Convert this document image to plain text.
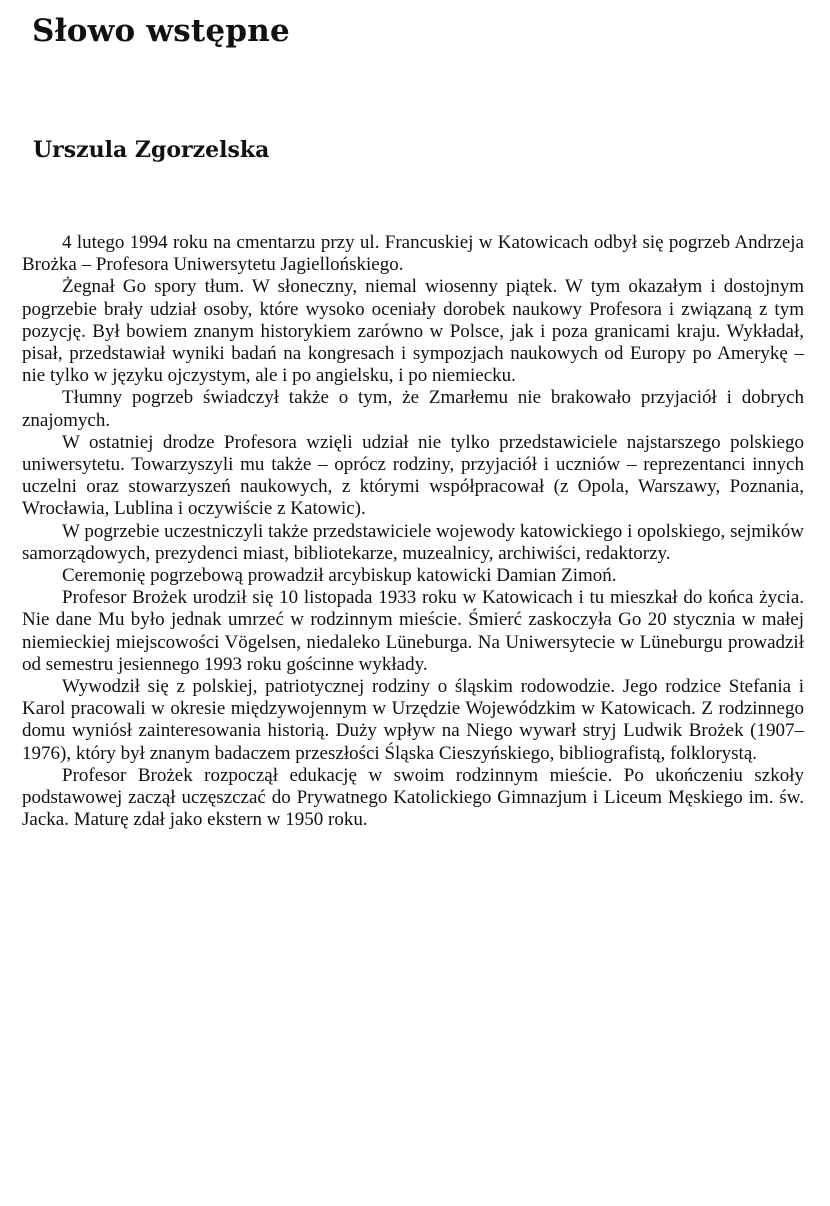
Słowo wstępne
Urszula Zgorzelska

4 lutego 1994 roku na cmentarzu przy ul. Francuskiej w Katowicach odbył się pogrzeb Andrzeja Brożka – Profesora Uniwersytetu Jagiellońskiego.

Żegnał Go spory tłum. W słoneczny, niemal wiosenny piątek. W tym okazałym i dostojnym pogrzebie brały udział osoby, które wysoko oceniały dorobek naukowy Profesora i związaną z tym pozycję. Był bowiem znanym historykiem zarówno w Polsce, jak i poza granicami kraju. Wykładał, pisał, przedstawiał wyniki badań na kongresach i sympozjach naukowych od Europy po Amerykę – nie tylko w języku ojczystym, ale i po angielsku, i po niemiecku.

Tłumny pogrzeb świadczył także o tym, że Zmarłemu nie brakowało przyjaciół i dobrych znajomych.

W ostatniej drodze Profesora wzięli udział nie tylko przedstawiciele najstarszego polskiego uniwersytetu. Towarzyszyli mu także – oprócz rodziny, przyjaciół i uczniów – reprezentanci innych uczelni oraz stowarzyszeń naukowych, z którymi współpracował (z Opola, Warszawy, Poznania, Wrocławia, Lublina i oczywiście z Katowic).

W pogrzebie uczestniczyli także przedstawiciele wojewody katowickiego i opolskiego, sejmików samorządowych, prezydenci miast, bibliotekarze, muzealnicy, archiwiści, redaktorzy.

Ceremonię pogrzebową prowadził arcybiskup katowicki Damian Zimoń.

Profesor Brożek urodził się 10 listopada 1933 roku w Katowicach i tu mieszkał do końca życia. Nie dane Mu było jednak umrzeć w rodzinnym mieście. Śmierć zaskoczyła Go 20 stycznia w małej niemieckiej miejscowości Vögelsen, niedaleko Lüneburga. Na Uniwersytecie w Lüneburgu prowadził od semestru jesiennego 1993 roku gościnne wykłady.

Wywodził się z polskiej, patriotycznej rodziny o śląskim rodowodzie. Jego rodzice Stefania i Karol pracowali w okresie międzywojennym w Urzędzie Wojewódzkim w Katowicach. Z rodzinnego domu wyniósł zainteresowania historią. Duży wpływ na Niego wywarł stryj Ludwik Brożek (1907–1976), który był znanym badaczem przeszłości Śląska Cieszyńskiego, bibliografistą, folklorystą.

Profesor Brożek rozpoczął edukację w swoim rodzinnym mieście. Po ukończeniu szkoły podstawowej zaczął uczęszczać do Prywatnego Katolickiego Gimnazjum i Liceum Męskiego im. św. Jacka. Maturę zdał jako ekstern w 1950 roku.
